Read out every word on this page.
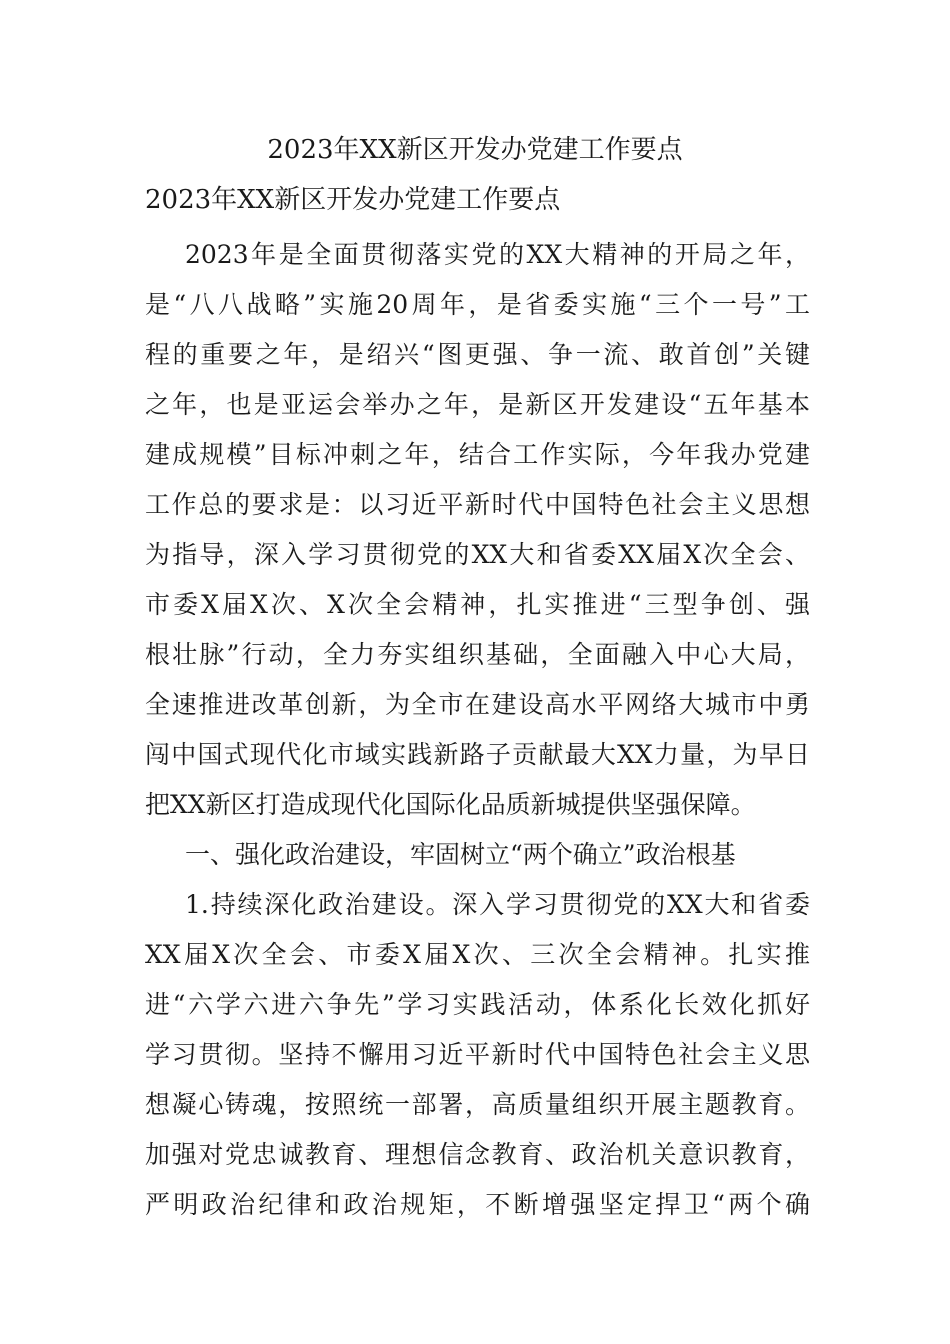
2023年XX新区开发办党建工作要点
2023年XX新区开发办党建工作要点
2023年是全面贯彻落实党的XX大精神的开局之年，
是“八八战略”实施20周年，是省委实施“三个一号”工
程的重要之年，是绍兴“图更强、争一流、敢首创”关键
之年，也是亚运会举办之年，是新区开发建设“五年基本
建成规模”目标冲刺之年，结合工作实际，今年我办党建
工作总的要求是：以习近平新时代中国特色社会主义思想
为指导，深入学习贯彻党的XX大和省委XX届X次全会、
市委X届X次、X次全会精神，扎实推进“三型争创、强
根壮脉”行动，全力夯实组织基础，全面融入中心大局，
全速推进改革创新，为全市在建设高水平网络大城市中勇
闯中国式现代化市域实践新路子贡献最大XX力量，为早日
把XX新区打造成现代化国际化品质新城提供坚强保障。
一、强化政治建设，牢固树立“两个确立”政治根基
1.持续深化政治建设。深入学习贯彻党的XX大和省委
XX届X次全会、市委X届X次、三次全会精神。扎实推
进“六学六进六争先”学习实践活动，体系化长效化抓好
学习贯彻。坚持不懈用习近平新时代中国特色社会主义思
想凝心铸魂，按照统一部署，高质量组织开展主题教育。
加强对党忠诚教育、理想信念教育、政治机关意识教育，
严明政治纪律和政治规矩，不断增强坚定捍卫“两个确
